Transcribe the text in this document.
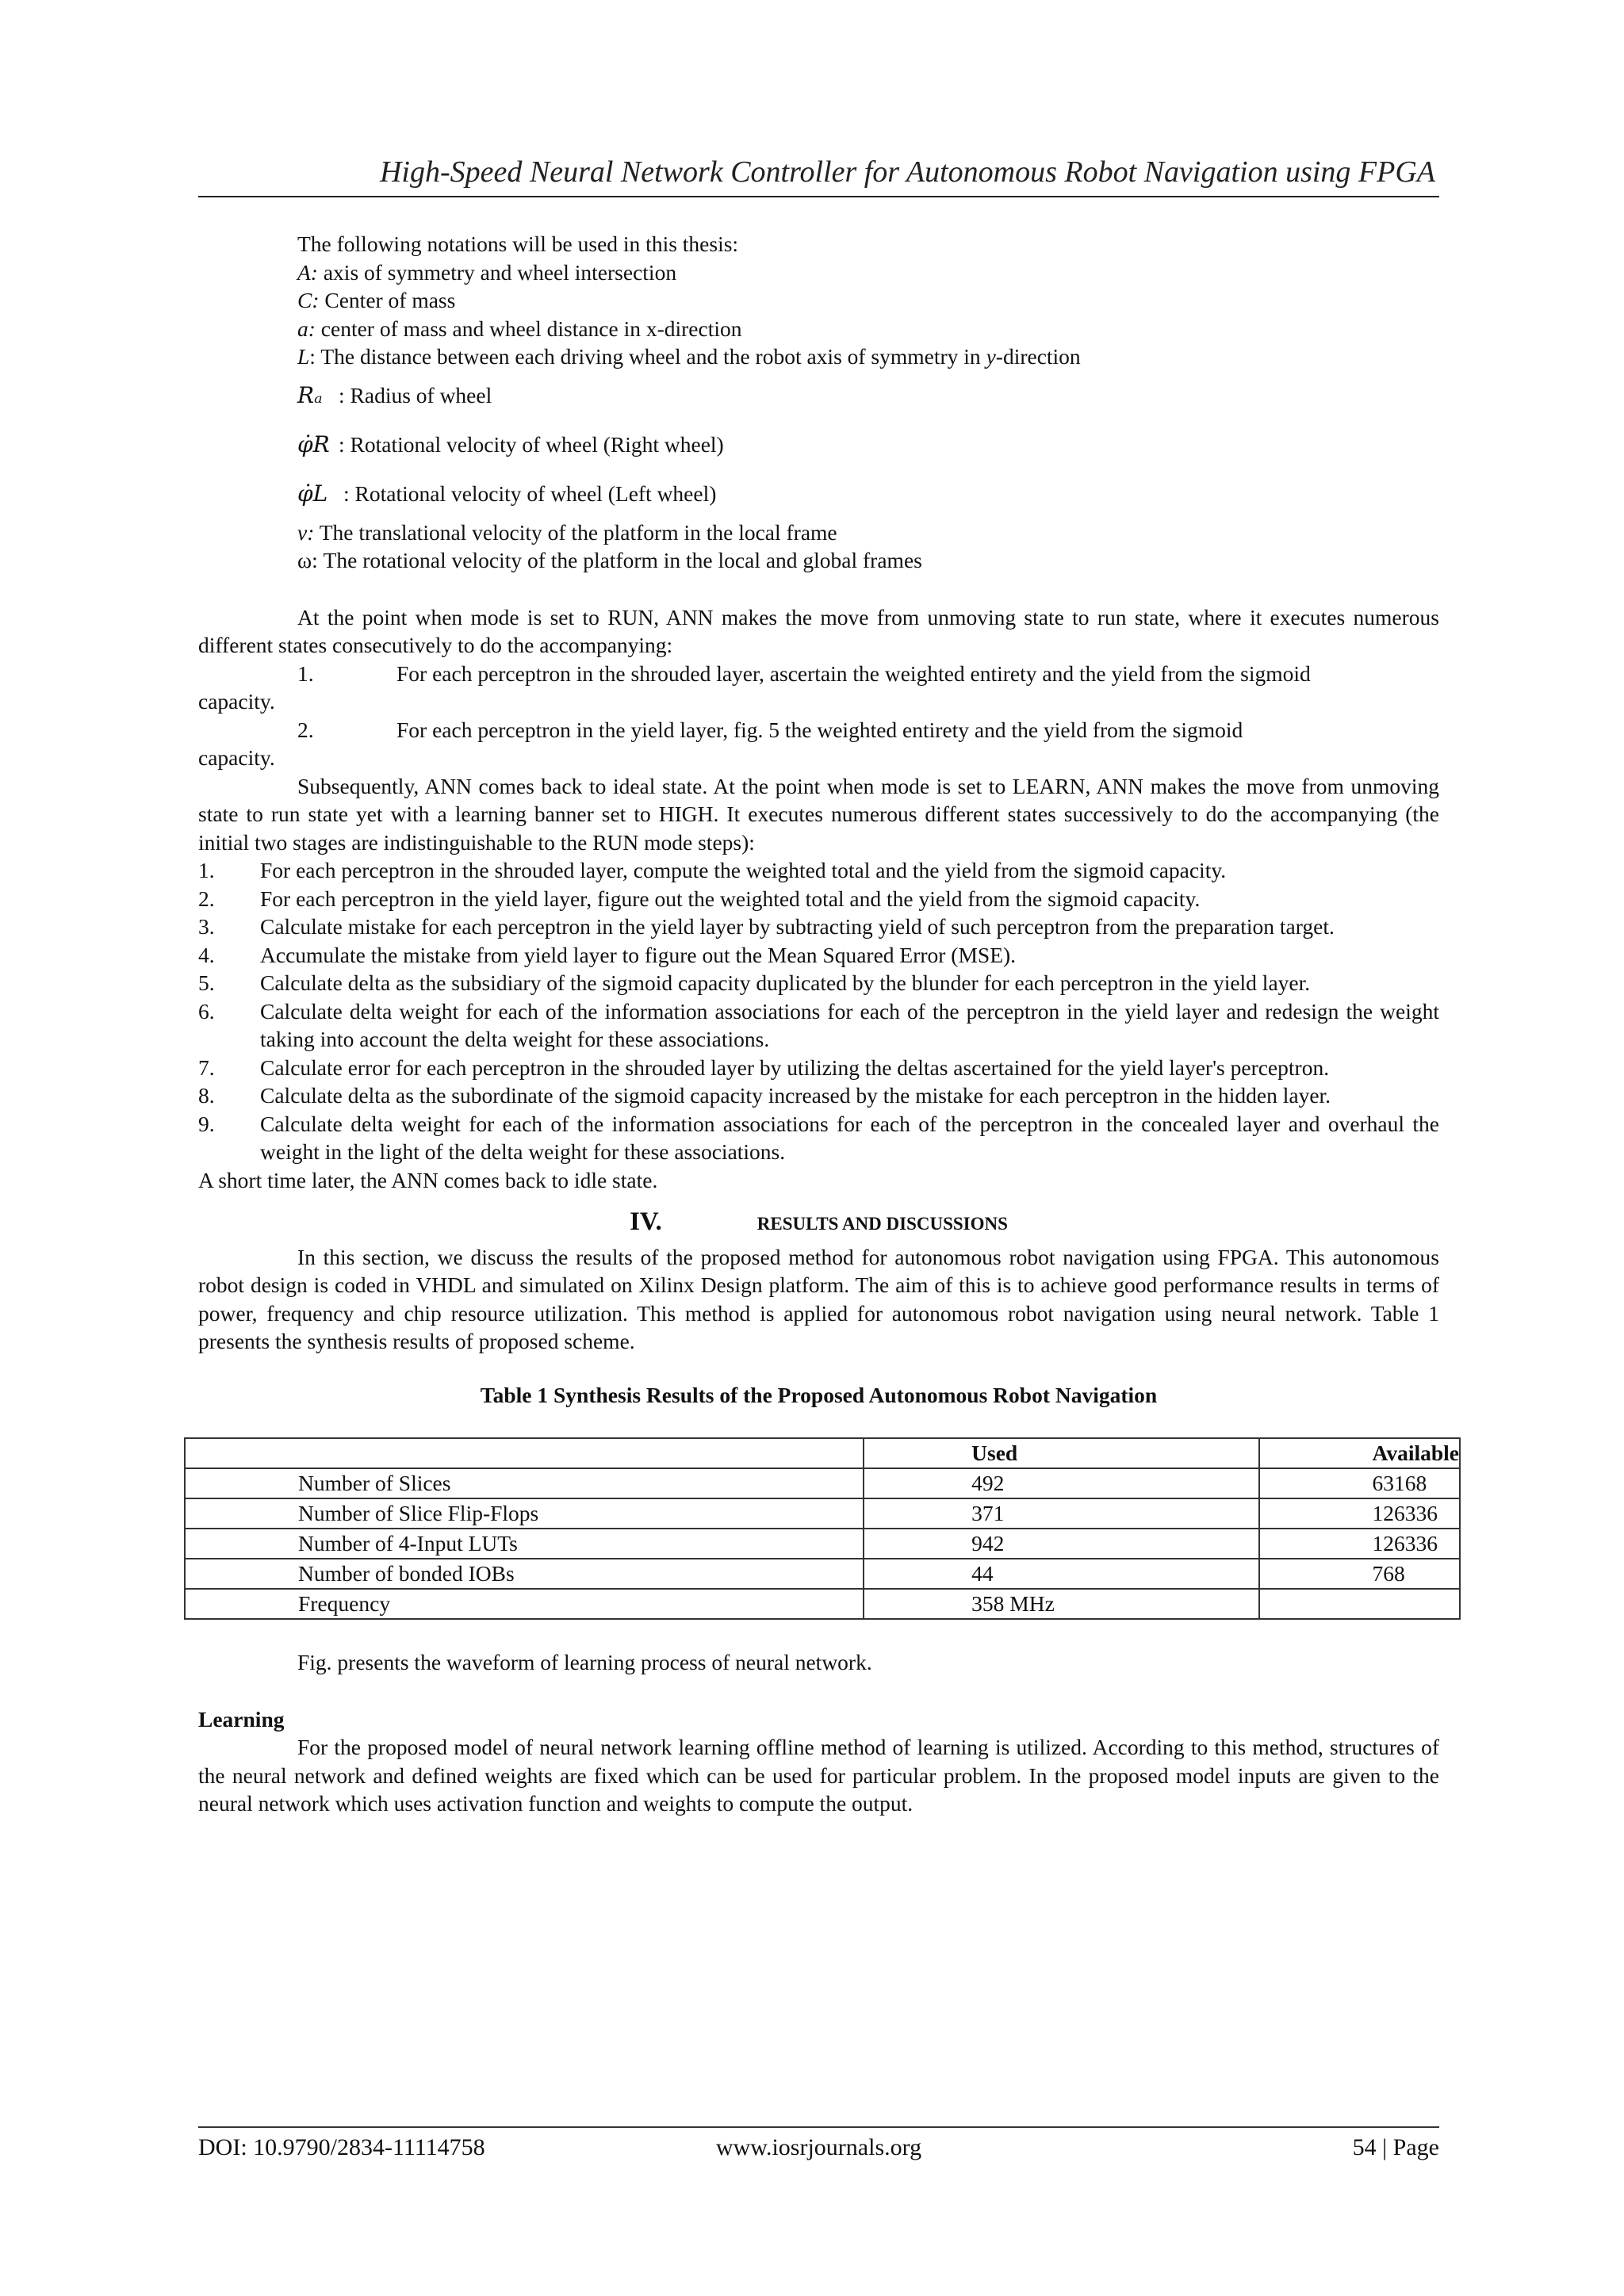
High-Speed Neural Network Controller for Autonomous Robot Navigation using FPGA
The following notations will be used in this thesis:
A: axis of symmetry and wheel intersection
C: Center of mass
a: center of mass and wheel distance in x-direction
L: The distance between each driving wheel and the robot axis of symmetry in y-direction
Rₐ : Radius of wheel
φ̇R : Rotational velocity of wheel (Right wheel)
φ̇L : Rotational velocity of wheel (Left wheel)
v: The translational velocity of the platform in the local frame
ω: The rotational velocity of the platform in the local and global frames

At the point when mode is set to RUN, ANN makes the move from unmoving state to run state, where it executes numerous different states consecutively to do the accompanying:

1.	For each perceptron in the shrouded layer, ascertain the weighted entirety and the yield from the sigmoid
capacity.
2.	For each perceptron in the yield layer, fig. 5 the weighted entirety and the yield from the sigmoid
capacity.

Subsequently, ANN comes back to ideal state. At the point when mode is set to LEARN, ANN makes the move from unmoving state to run state yet with a learning banner set to HIGH. It executes numerous different states successively to do the accompanying (the initial two stages are indistinguishable to the RUN mode steps):

1. For each perceptron in the shrouded layer, compute the weighted total and the yield from the sigmoid capacity.
2. For each perceptron in the yield layer, figure out the weighted total and the yield from the sigmoid capacity.
3. Calculate mistake for each perceptron in the yield layer by subtracting yield of such perceptron from the preparation target.
4. Accumulate the mistake from yield layer to figure out the Mean Squared Error (MSE).
5. Calculate delta as the subsidiary of the sigmoid capacity duplicated by the blunder for each perceptron in the yield layer.
6. Calculate delta weight for each of the information associations for each of the perceptron in the yield layer and redesign the weight taking into account the delta weight for these associations.
7. Calculate error for each perceptron in the shrouded layer by utilizing the deltas ascertained for the yield layer's perceptron.
8. Calculate delta as the subordinate of the sigmoid capacity increased by the mistake for each perceptron in the hidden layer.
9. Calculate delta weight for each of the information associations for each of the perceptron in the concealed layer and overhaul the weight in the light of the delta weight for these associations.

A short time later, the ANN comes back to idle state.

IV.	RESULTS AND DISCUSSIONS

In this section, we discuss the results of the proposed method for autonomous robot navigation using FPGA. This autonomous robot design is coded in VHDL and simulated on Xilinx Design platform. The aim of this is to achieve good performance results in terms of power, frequency and chip resource utilization. This method is applied for autonomous robot navigation using neural network. Table 1 presents the synthesis results of proposed scheme.

Table 1 Synthesis Results of the Proposed Autonomous Robot Navigation
	Used	Available
Number of Slices	492	63168
Number of Slice Flip-Flops	371	126336
Number of 4-Input LUTs	942	126336
Number of bonded IOBs	44	768
Frequency	358 MHz	

Fig. presents the waveform of learning process of neural network.

Learning

For the proposed model of neural network learning offline method of learning is utilized. According to this method, structures of the neural network and defined weights are fixed which can be used for particular problem. In the proposed model inputs are given to the neural network which uses activation function and weights to compute the output.

DOI: 10.9790/2834-11114758	www.iosrjournals.org	54 | Page
